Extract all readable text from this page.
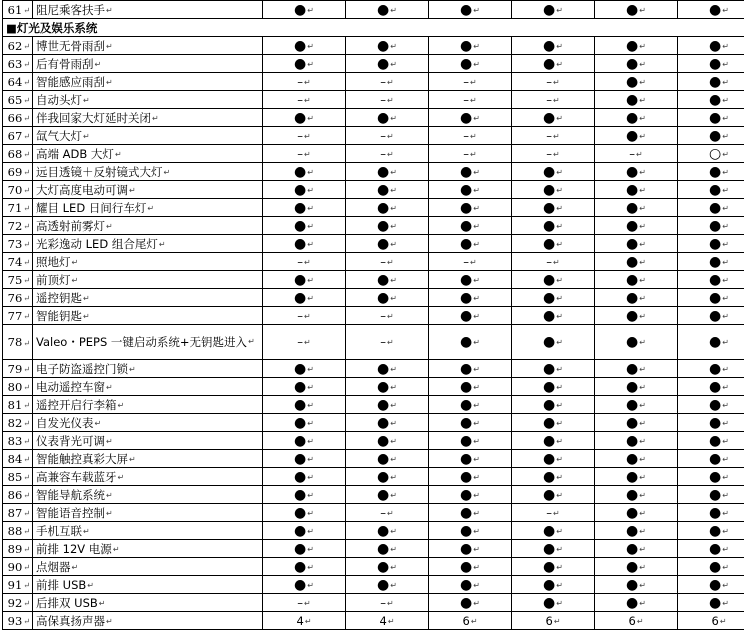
61↵	阻尼乘客扶手↵	●↵	●↵	●↵	●↵	●↵	●↵
■灯光及娱乐系统							
62↵	博世无骨雨刮↵	●↵	●↵	●↵	●↵	●↵	●↵
63↵	后有骨雨刮↵	●↵	●↵	●↵	●↵	●↵	●↵
64↵	智能感应雨刮↵	–↵	–↵	–↵	–↵	●↵	●↵
65↵	自动头灯↵	–↵	–↵	–↵	–↵	●↵	●↵
66↵	伴我回家大灯延时关闭↵	●↵	●↵	●↵	●↵	●↵	●↵
67↵	氙气大灯↵	–↵	–↵	–↵	–↵	●↵	●↵
68↵	高端 ADB 大灯↵	–↵	–↵	–↵	–↵	–↵	○↵
69↵	远目透镜＋反射镜式大灯↵	●↵	●↵	●↵	●↵	●↵	●↵
70↵	大灯高度电动可调↵	●↵	●↵	●↵	●↵	●↵	●↵
71↵	耀目 LED 日间行车灯↵	●↵	●↵	●↵	●↵	●↵	●↵
72↵	高透射前雾灯↵	●↵	●↵	●↵	●↵	●↵	●↵
73↵	光彩逸动 LED 组合尾灯↵	●↵	●↵	●↵	●↵	●↵	●↵
74↵	照地灯↵	–↵	–↵	–↵	–↵	●↵	●↵
75↵	前顶灯↵	●↵	●↵	●↵	●↵	●↵	●↵
76↵	遥控钥匙↵	●↵	●↵	●↵	●↵	●↵	●↵
77↵	智能钥匙↵	–↵	–↵	●↵	●↵	●↵	●↵
78↵	Valeo・PEPS 一键启动系统+无钥匙进入↵	–↵	–↵	●↵	●↵	●↵	●↵
79↵	电子防盗遥控门锁↵	●↵	●↵	●↵	●↵	●↵	●↵
80↵	电动遥控车窗↵	●↵	●↵	●↵	●↵	●↵	●↵
81↵	遥控开启行李箱↵	●↵	●↵	●↵	●↵	●↵	●↵
82↵	自发光仪表↵	●↵	●↵	●↵	●↵	●↵	●↵
83↵	仪表背光可调↵	●↵	●↵	●↵	●↵	●↵	●↵
84↵	智能触控真彩大屏↵	●↵	●↵	●↵	●↵	●↵	●↵
85↵	高兼容车载蓝牙↵	●↵	●↵	●↵	●↵	●↵	●↵
86↵	智能导航系统↵	●↵	●↵	●↵	●↵	●↵	●↵
87↵	智能语音控制↵	●↵	–↵	●↵	–↵	●↵	●↵
88↵	手机互联↵	●↵	●↵	●↵	●↵	●↵	●↵
89↵	前排 12V 电源↵	●↵	●↵	●↵	●↵	●↵	●↵
90↵	点烟器↵	●↵	●↵	●↵	●↵	●↵	●↵
91↵	前排 USB↵	●↵	●↵	●↵	●↵	●↵	●↵
92↵	后排双 USB↵	–↵	–↵	●↵	●↵	●↵	●↵
93↵	高保真扬声器↵	4↵	4↵	6↵	6↵	6↵	6↵
